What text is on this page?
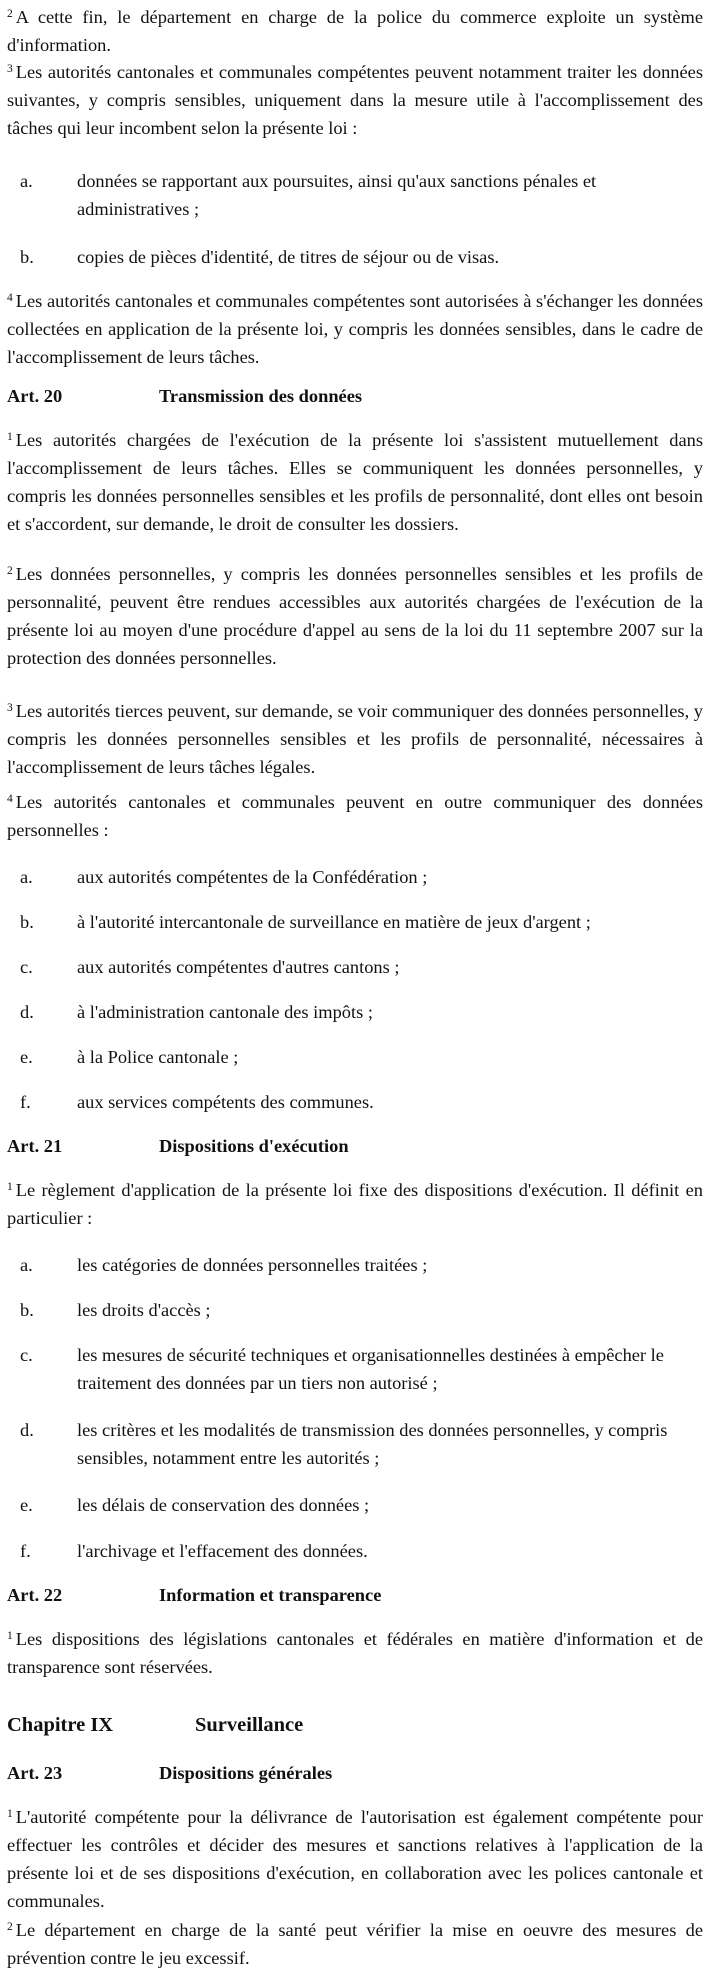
$^2$ A cette fin, le département en charge de la police du commerce exploite un système d'information.

$^3$ Les autorités cantonales et communales compétentes peuvent notamment traiter les données suivantes, y compris sensibles, uniquement dans la mesure utile à l'accomplissement des tâches qui leur incombent selon la présente loi :

a. données se rapportant aux poursuites, ainsi qu'aux sanctions pénales et administratives ;
b. copies de pièces d'identité, de titres de séjour ou de visas.

$^4$ Les autorités cantonales et communales compétentes sont autorisées à s'échanger les données collectées en application de la présente loi, y compris les données sensibles, dans le cadre de l'accomplissement de leurs tâches.

Art. 20	Transmission des données

$^1$ Les autorités chargées de l'exécution de la présente loi s'assistent mutuellement dans l'accomplissement de leurs tâches. Elles se communiquent les données personnelles, y compris les données personnelles sensibles et les profils de personnalité, dont elles ont besoin et s'accordent, sur demande, le droit de consulter les dossiers.

$^2$ Les données personnelles, y compris les données personnelles sensibles et les profils de personnalité, peuvent être rendues accessibles aux autorités chargées de l'exécution de la présente loi au moyen d'une procédure d'appel au sens de la loi du 11 septembre 2007 sur la protection des données personnelles.

$^3$ Les autorités tierces peuvent, sur demande, se voir communiquer des données personnelles, y compris les données personnelles sensibles et les profils de personnalité, nécessaires à l'accomplissement de leurs tâches légales.

$^4$ Les autorités cantonales et communales peuvent en outre communiquer des données personnelles :

a. aux autorités compétentes de la Confédération ;
b. à l'autorité intercantonale de surveillance en matière de jeux d'argent ;
c. aux autorités compétentes d'autres cantons ;
d. à l'administration cantonale des impôts ;
e. à la Police cantonale ;
f.	aux services compétents des communes.
Art. 21	Dispositions d'exécution

$^1$ Le règlement d'application de la présente loi fixe des dispositions d'exécution. Il définit en particulier :

a. les catégories de données personnelles traitées ;
b. les droits d'accès ;
c. les mesures de sécurité techniques et organisationnelles destinées à empêcher le traitement des données par un tiers non autorisé ;
d. les critères et les modalités de transmission des données personnelles, y compris sensibles, notamment entre les autorités ;
e. les délais de conservation des données ;
f.	l'archivage et l'effacement des données.
Art. 22	Information et transparence

$^1$ Les dispositions des législations cantonales et fédérales en matière d'information et de transparence sont réservées.

Chapitre IX	Surveillance
Art. 23	Dispositions générales

$^1$ L'autorité compétente pour la délivrance de l'autorisation est également compétente pour effectuer les contrôles et décider des mesures et sanctions relatives à l'application de la présente loi et de ses dispositions d'exécution, en collaboration avec les polices cantonale et communales.

$^2$ Le département en charge de la santé peut vérifier la mise en oeuvre des mesures de prévention contre le jeu excessif.
